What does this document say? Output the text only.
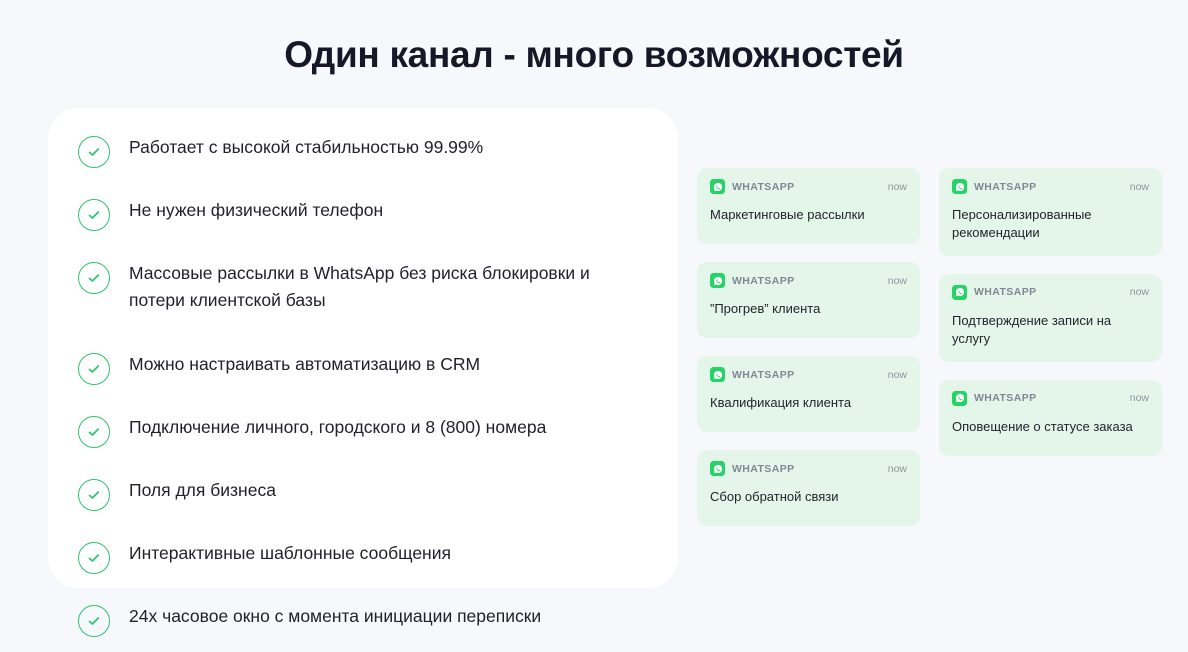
Один канал - много возможностей
Работает с высокой стабильностью 99.99%
Не нужен физический телефон
Массовые рассылки в WhatsApp без риска блокировки и потери клиентской базы
Можно настраивать автоматизацию в CRM
Подключение личного, городского и 8 (800) номера
Поля для бизнеса
Интерактивные шаблонные сообщения
24х часовое окно с момента инициации переписки
WHATSAPP	now
Маркетинговые рассылки
WHATSAPP	now
”Прогрев” клиента
WHATSAPP	now
Квалификация клиента
WHATSAPP	now
Сбор обратной связи
WHATSAPP	now
Персонализированные рекомендации
WHATSAPP	now
Подтверждение записи на услугу
WHATSAPP	now
Оповещение о статусе заказа
